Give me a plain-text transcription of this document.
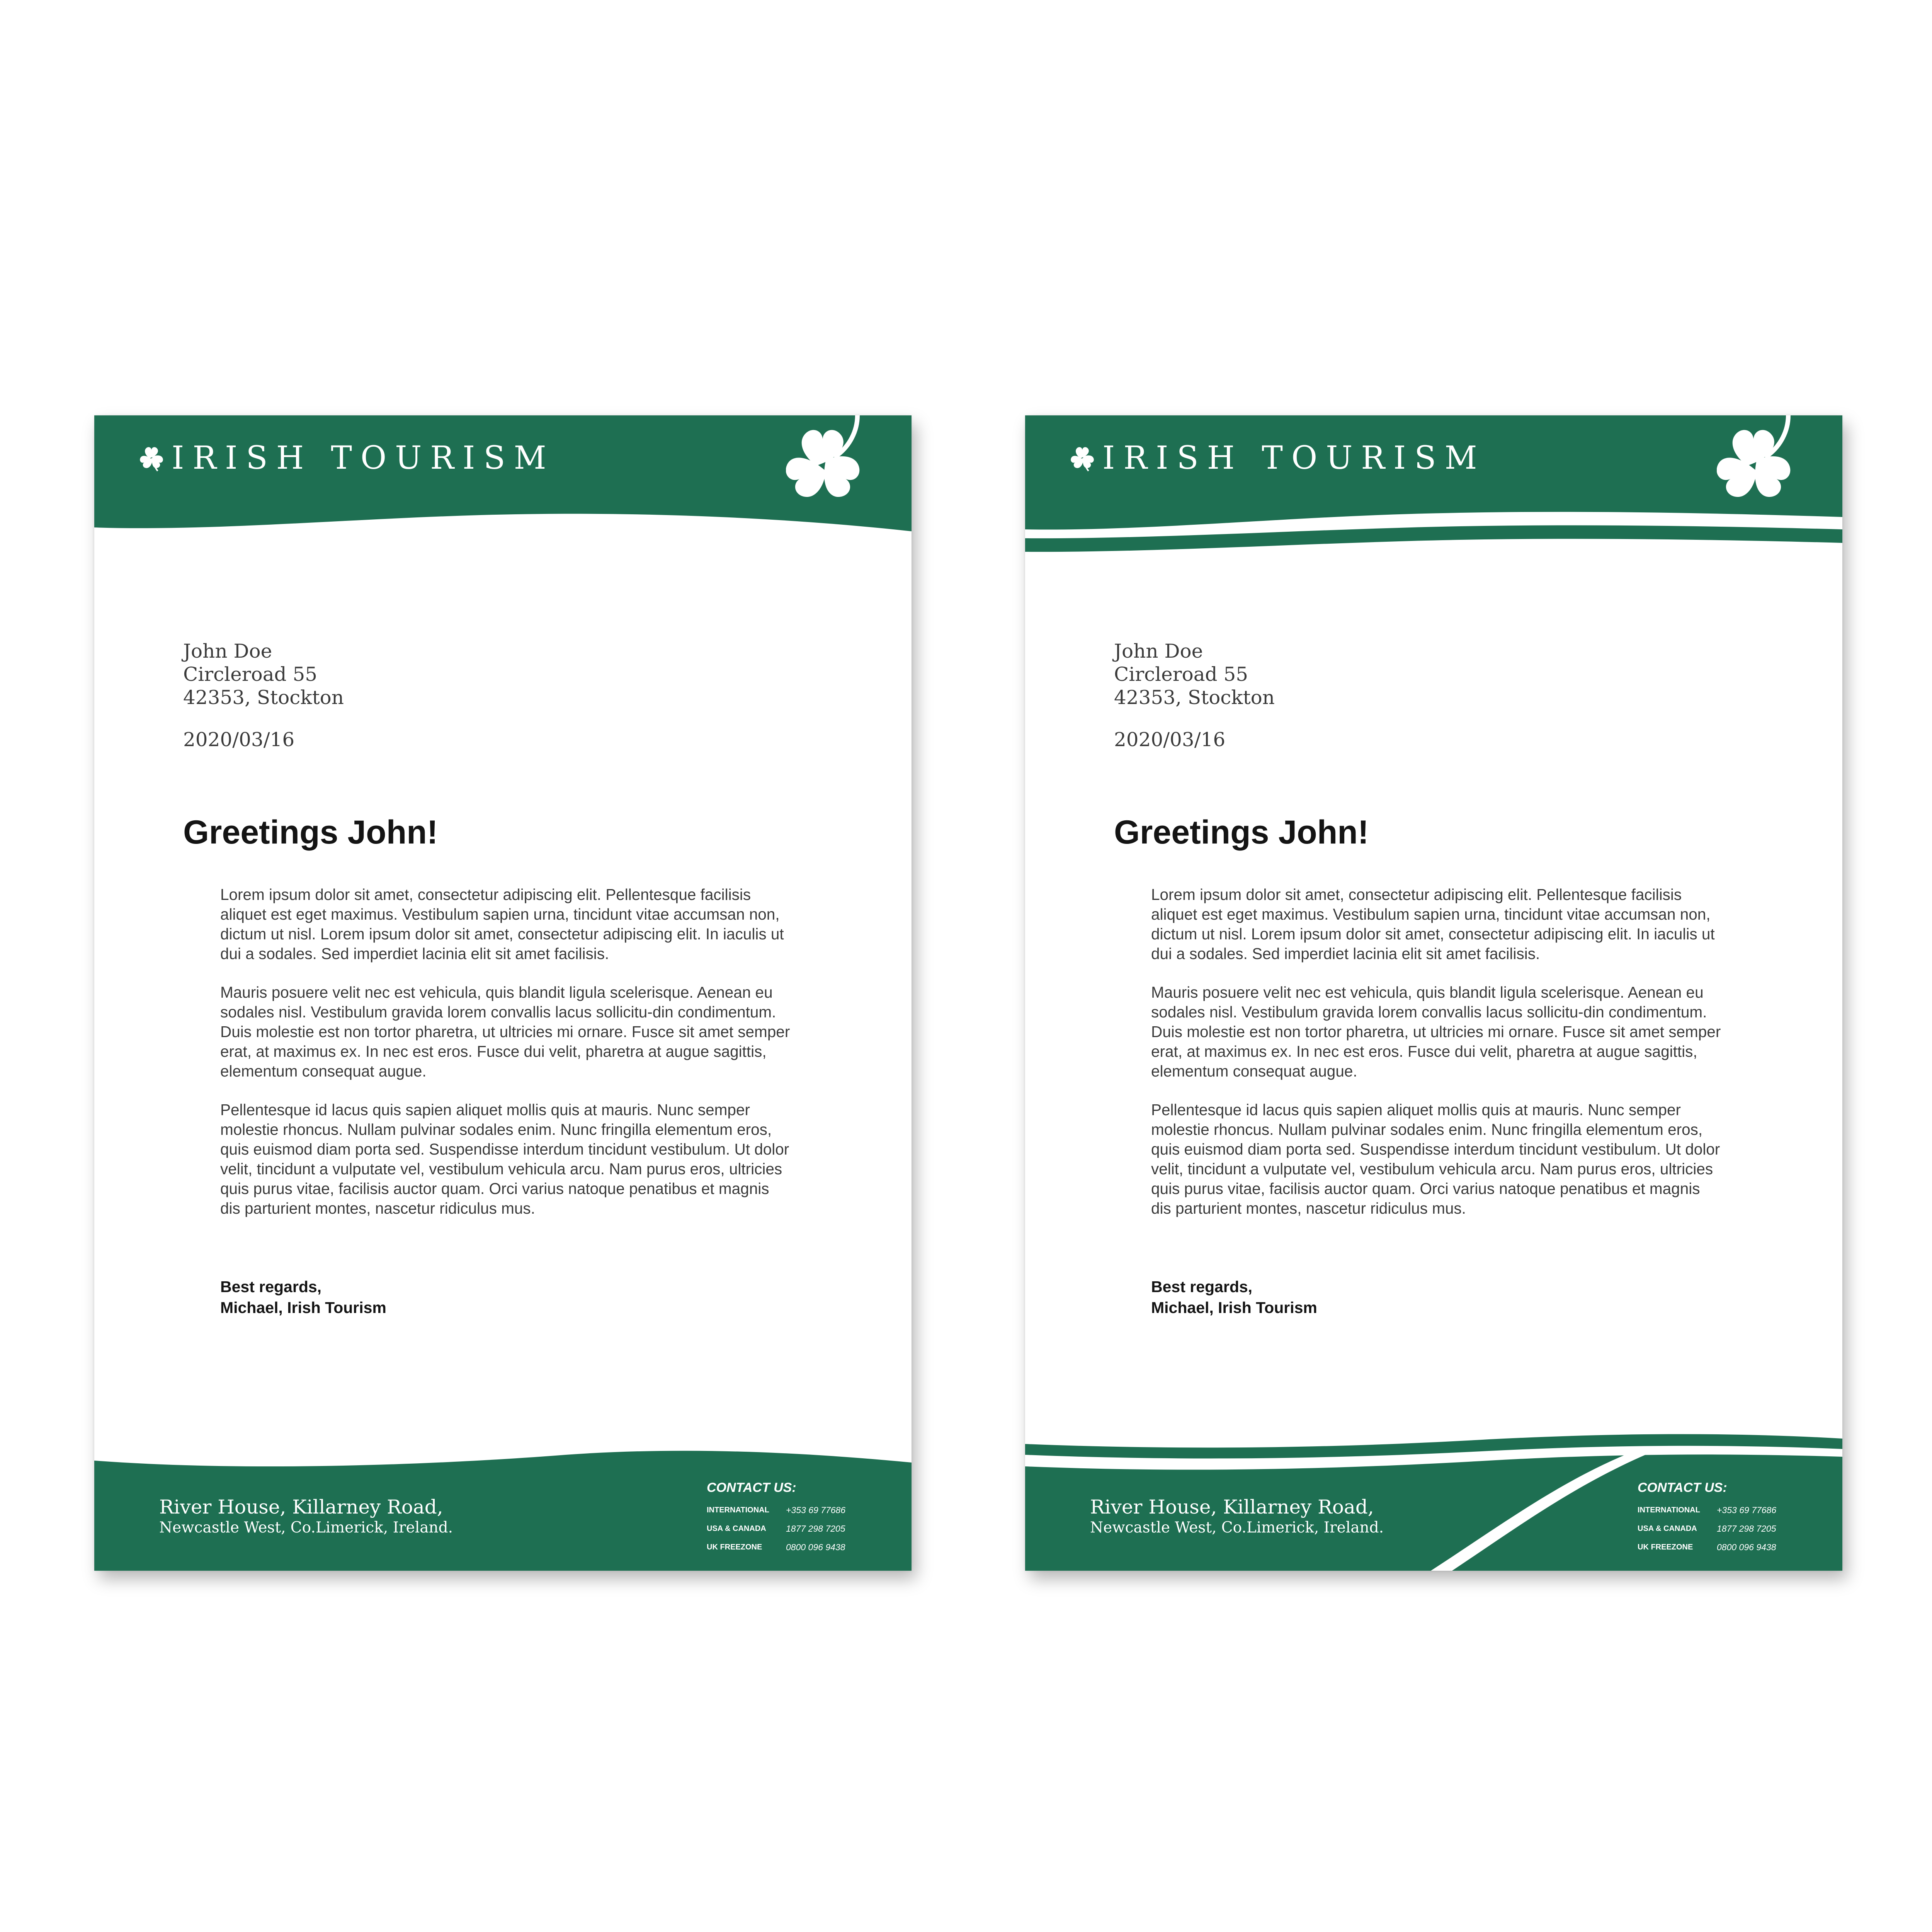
IRISH TOURISM
John Doe
Circleroad 55
42353, Stockton
2020/03/16
Greetings John!

Lorem ipsum dolor sit amet, consectetur adipiscing elit. Pellentesque facilisis aliquet est eget maximus. Vestibulum sapien urna, tincidunt vitae accumsan non, dictum ut nisl. Lorem ipsum dolor sit amet, consectetur adipiscing elit. In iaculis ut dui a sodales. Sed imperdiet lacinia elit sit amet facilisis.

Mauris posuere velit nec est vehicula, quis blandit ligula scelerisque. Aenean eu sodales nisl. Vestibulum gravida lorem convallis lacus sollicitu-din condimentum. Duis molestie est non tortor pharetra, ut ultricies mi ornare. Fusce sit amet semper erat, at maximus ex. In nec est eros. Fusce dui velit, pharetra at augue sagittis, elementum consequat augue.

Pellentesque id lacus quis sapien aliquet mollis quis at mauris. Nunc semper molestie rhoncus. Nullam pulvinar sodales enim. Nunc fringilla elementum eros, quis euismod diam porta sed. Suspendisse interdum tincidunt vestibulum. Ut dolor velit, tincidunt a vulputate vel, vestibulum vehicula arcu. Nam purus eros, ultricies quis purus vitae, facilisis auctor quam. Orci varius natoque penatibus et magnis dis parturient montes, nascetur ridiculus mus.

Best regards,
Michael, Irish Tourism
River House, Killarney Road,
Newcastle West, Co.Limerick, Ireland.
CONTACT US:
INTERNATIONAL	+353 69 77686
USA & CANADA	1877 298 7205
UK FREEZONE	0800 096 9438
IRISH TOURISM
John Doe
Circleroad 55
42353, Stockton
2020/03/16
Greetings John!

Lorem ipsum dolor sit amet, consectetur adipiscing elit. Pellentesque facilisis aliquet est eget maximus. Vestibulum sapien urna, tincidunt vitae accumsan non, dictum ut nisl. Lorem ipsum dolor sit amet, consectetur adipiscing elit. In iaculis ut dui a sodales. Sed imperdiet lacinia elit sit amet facilisis.

Mauris posuere velit nec est vehicula, quis blandit ligula scelerisque. Aenean eu sodales nisl. Vestibulum gravida lorem convallis lacus sollicitu-din condimentum. Duis molestie est non tortor pharetra, ut ultricies mi ornare. Fusce sit amet semper erat, at maximus ex. In nec est eros. Fusce dui velit, pharetra at augue sagittis, elementum consequat augue.

Pellentesque id lacus quis sapien aliquet mollis quis at mauris. Nunc semper molestie rhoncus. Nullam pulvinar sodales enim. Nunc fringilla elementum eros, quis euismod diam porta sed. Suspendisse interdum tincidunt vestibulum. Ut dolor velit, tincidunt a vulputate vel, vestibulum vehicula arcu. Nam purus eros, ultricies quis purus vitae, facilisis auctor quam. Orci varius natoque penatibus et magnis dis parturient montes, nascetur ridiculus mus.

Best regards,
Michael, Irish Tourism
River House, Killarney Road,
Newcastle West, Co.Limerick, Ireland.
CONTACT US:
INTERNATIONAL	+353 69 77686
USA & CANADA	1877 298 7205
UK FREEZONE	0800 096 9438
